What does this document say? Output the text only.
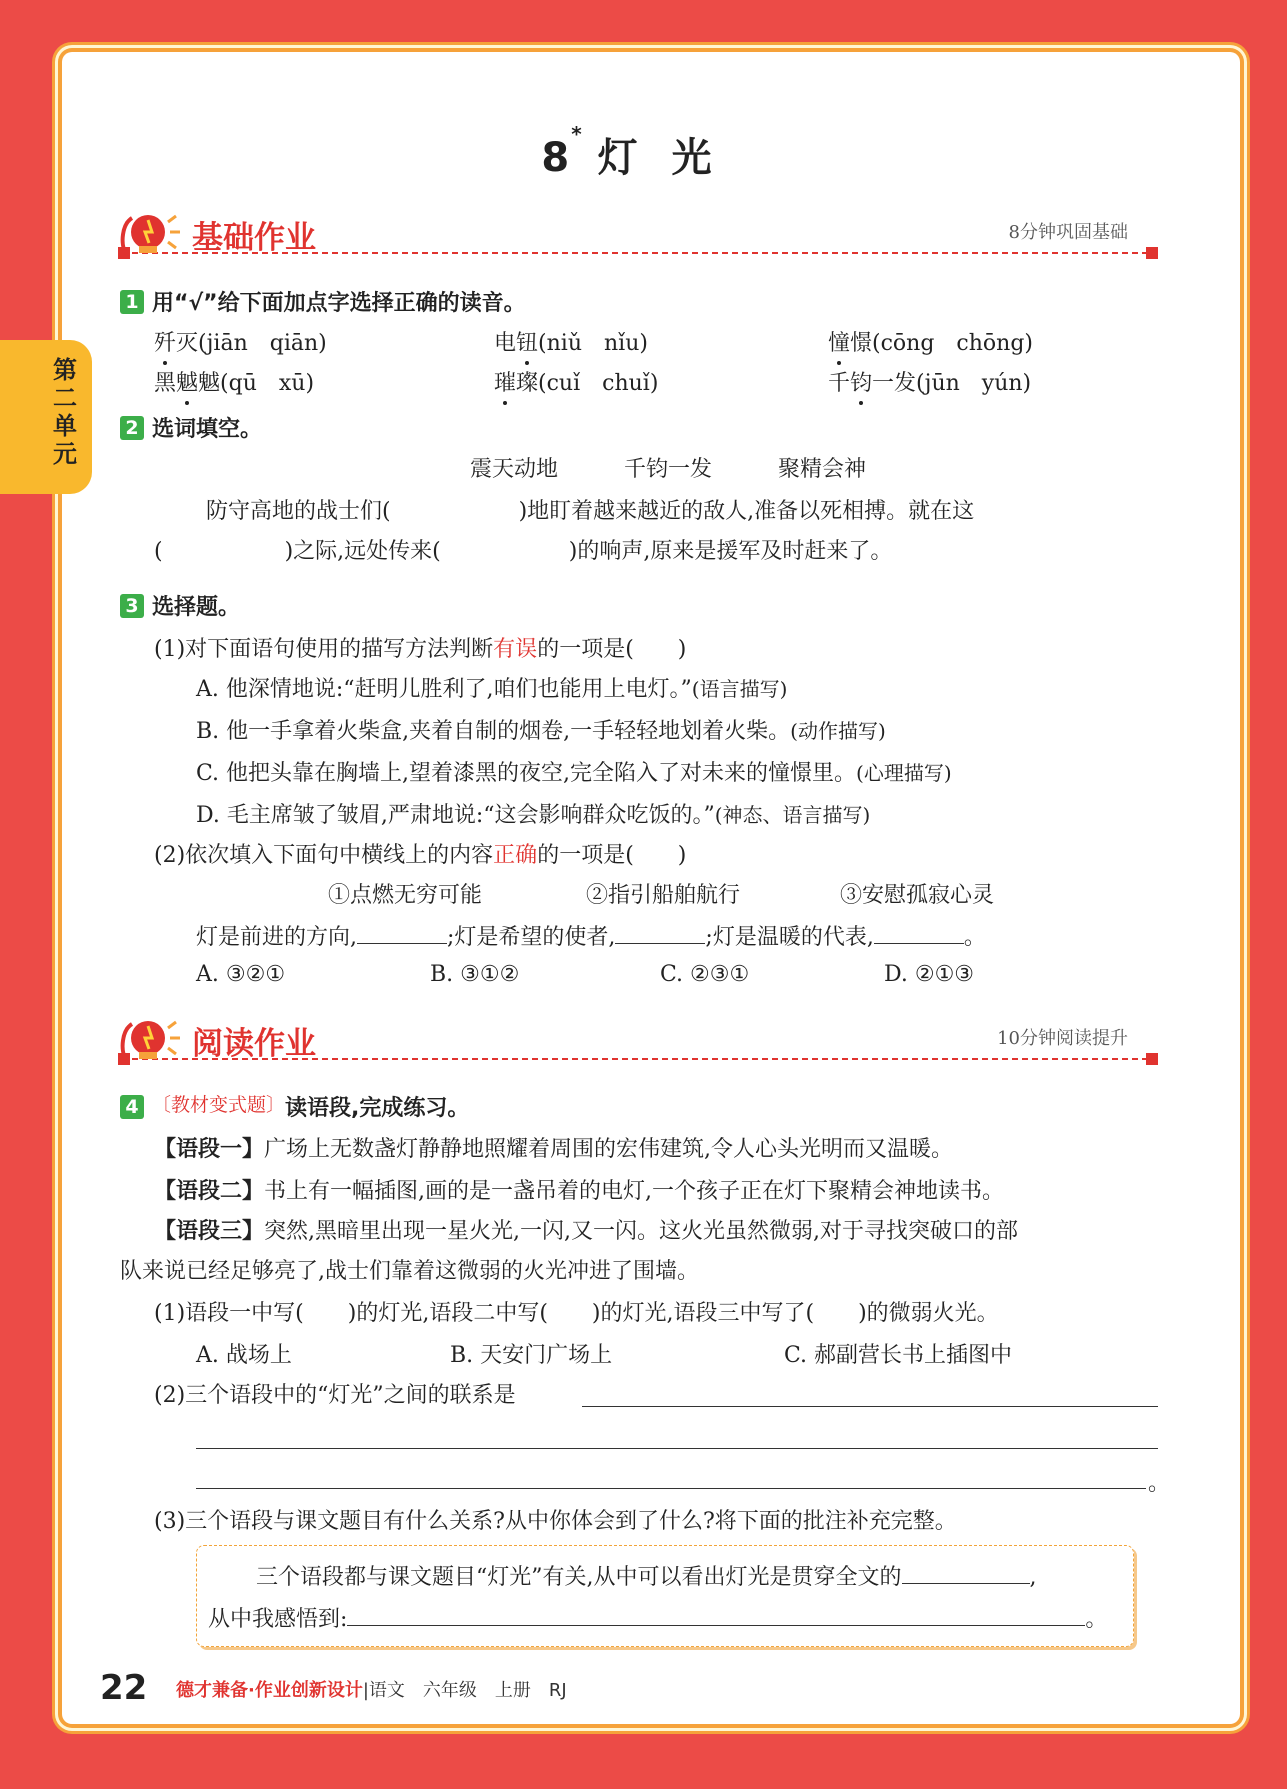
第二单元
8*灯光
基础作业	8分钟巩固基础
1 用“√”给下面加点字选择正确的读音。
歼灭(jiān　qiān)	电钮(niǔ　nǐu)	憧憬(cōng　chōng)
黑魆魆(qū　xū)	璀璨(cuǐ　chuǐ)	千钧一发(jūn　yún)
2 选词填空。
震天动地	千钧一发	聚精会神
防守高地的战士们(	)地盯着越来越近的敌人,准备以死相搏。就在这
(	)之际,远处传来(	)的响声,原来是援军及时赶来了。
3 选择题。
(1)对下面语句使用的描写方法判断有误的一项是(　　)
A. 他深情地说:“赶明儿胜利了,咱们也能用上电灯。”(语言描写)
B. 他一手拿着火柴盒,夹着自制的烟卷,一手轻轻地划着火柴。(动作描写)
C. 他把头靠在胸墙上,望着漆黑的夜空,完全陷入了对未来的憧憬里。(心理描写)
D. 毛主席皱了皱眉,严肃地说:“这会影响群众吃饭的。”(神态、语言描写)
(2)依次填入下面句中横线上的内容正确的一项是(　　)
①点燃无穷可能	②指引船舶航行	③安慰孤寂心灵
灯是前进的方向,	;灯是希望的使者,	;灯是温暖的代表,	。
A. ③②①	B. ③①②	C. ②③①	D. ②①③
阅读作业	10分钟阅读提升
4 〔教材变式题〕读语段,完成练习。
【语段一】广场上无数盏灯静静地照耀着周围的宏伟建筑,令人心头光明而又温暖。
【语段二】书上有一幅插图,画的是一盏吊着的电灯,一个孩子正在灯下聚精会神地读书。
【语段三】突然,黑暗里出现一星火光,一闪,又一闪。这火光虽然微弱,对于寻找突破口的部
队来说已经足够亮了,战士们靠着这微弱的火光冲进了围墙。
(1)语段一中写(　　)的灯光,语段二中写(　　)的灯光,语段三中写了(　　)的微弱火光。
A. 战场上	B. 天安门广场上	C. 郝副营长书上插图中
(2)三个语段中的“灯光”之间的联系是
。
(3)三个语段与课文题目有什么关系?从中你体会到了什么?将下面的批注补充完整。
三个语段都与课文题目“灯光”有关,从中可以看出灯光是贯穿全文的	,
从中我感悟到:	。
22 德才兼备·作业创新设计|语文　六年级　上册　RJ
